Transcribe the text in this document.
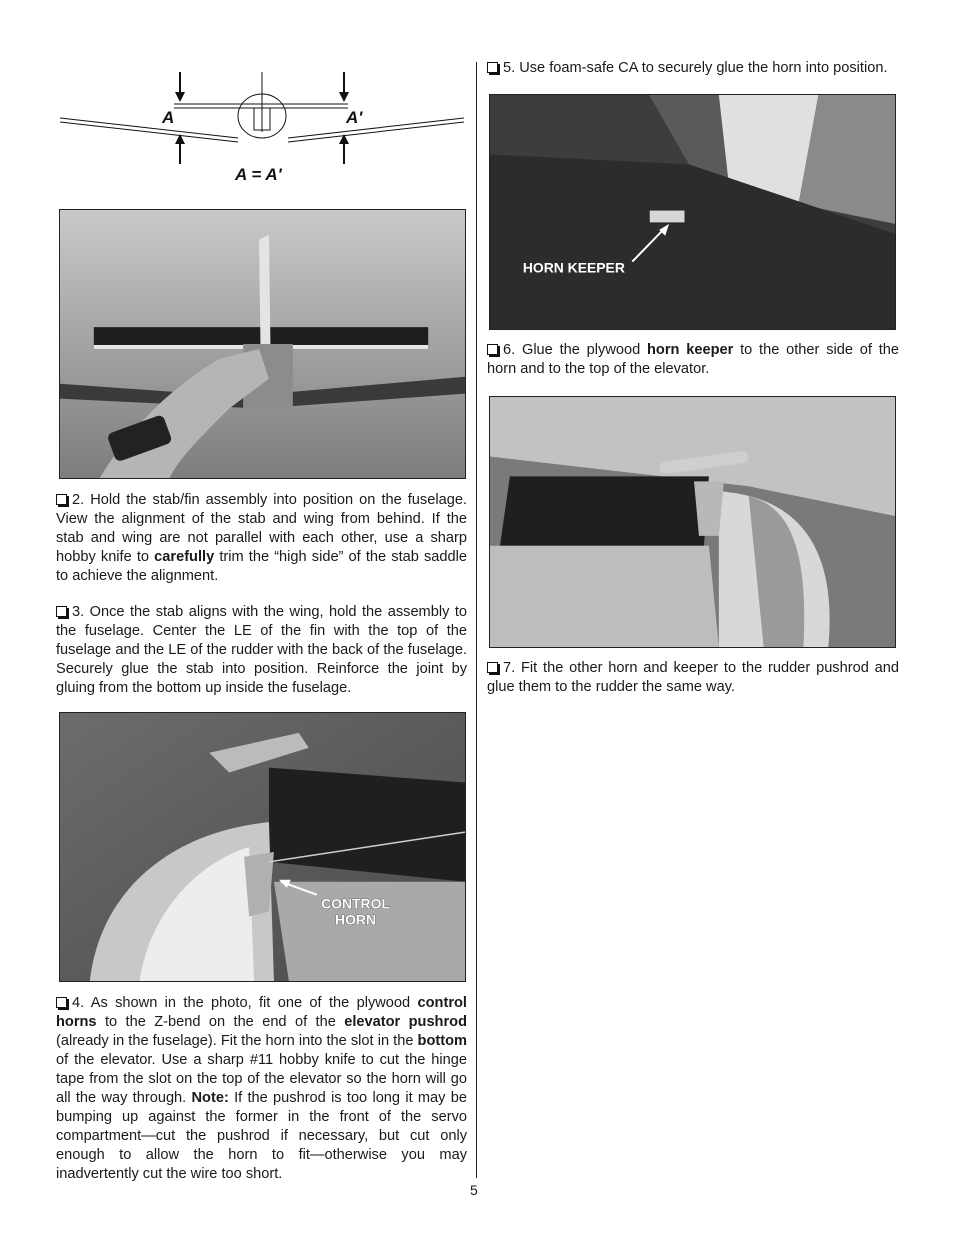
A	A'
A = A'

2. Hold the stab/fin assembly into position on the fuselage. View the alignment of the stab and wing from behind. If the stab and wing are not parallel with each other, use a sharp hobby knife to carefully trim the “high side” of the stab saddle to achieve the alignment.

3. Once the stab aligns with the wing, hold the assembly to the fuselage. Center the LE of the fin with the top of the fuselage and the LE of the rudder with the back of the fuselage. Securely glue the stab into position. Reinforce the joint by gluing from the bottom up inside the fuselage.

CONTROL
HORN

4. As shown in the photo, fit one of the plywood control horns to the Z-bend on the end of the elevator pushrod (already in the fuselage). Fit the horn into the slot in the bottom of the elevator. Use a sharp #11 hobby knife to cut the hinge tape from the slot on the top of the elevator so the horn will go all the way through. Note: If the pushrod is too long it may be bumping up against the former in the front of the servo compartment—cut the pushrod if necessary, but cut only enough to allow the horn to fit—otherwise you may inadvertently cut the wire too short.

5. Use foam-safe CA to securely glue the horn into position.

HORN KEEPER

6. Glue the plywood horn keeper to the other side of the horn and to the top of the elevator.

7. Fit the other horn and keeper to the rudder pushrod and glue them to the rudder the same way.

5
